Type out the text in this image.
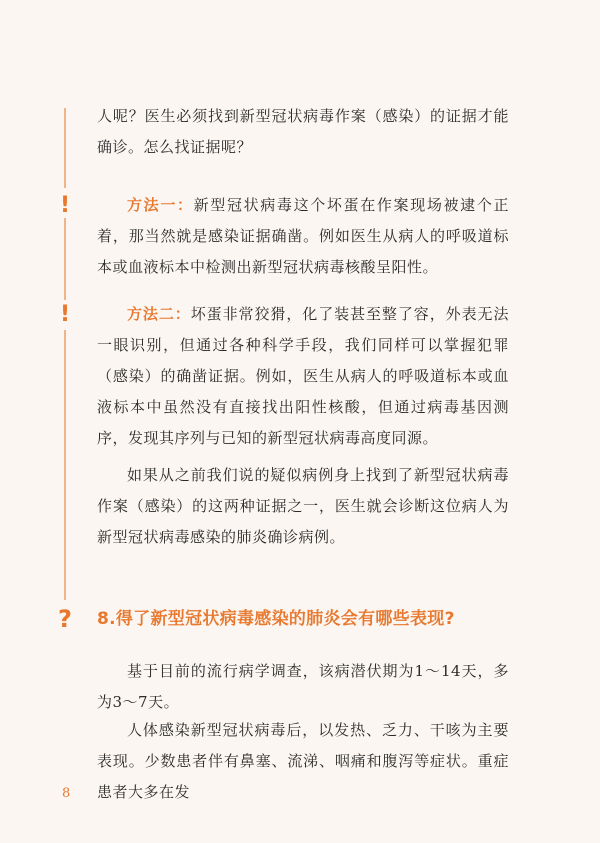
!
!
?

人呢？医生必须找到新型冠状病毒作案（感染）的证据才能确诊。怎么找证据呢？

方法一：新型冠状病毒这个坏蛋在作案现场被逮个正着，那当然就是感染证据确凿。例如医生从病人的呼吸道标本或血液标本中检测出新型冠状病毒核酸呈阳性。

方法二：坏蛋非常狡猾，化了装甚至整了容，外表无法一眼识别，但通过各种科学手段，我们同样可以掌握犯罪（感染）的确凿证据。例如，医生从病人的呼吸道标本或血液标本中虽然没有直接找出阳性核酸，但通过病毒基因测序，发现其序列与已知的新型冠状病毒高度同源。

如果从之前我们说的疑似病例身上找到了新型冠状病毒作案（感染）的这两种证据之一，医生就会诊断这位病人为新型冠状病毒感染的肺炎确诊病例。

8.得了新型冠状病毒感染的肺炎会有哪些表现?

基于目前的流行病学调查，该病潜伏期为1～14天，多为3～7天。

人体感染新型冠状病毒后，以发热、乏力、干咳为主要表现。少数患者伴有鼻塞、流涕、咽痛和腹泻等症状。重症患者大多在发

8
